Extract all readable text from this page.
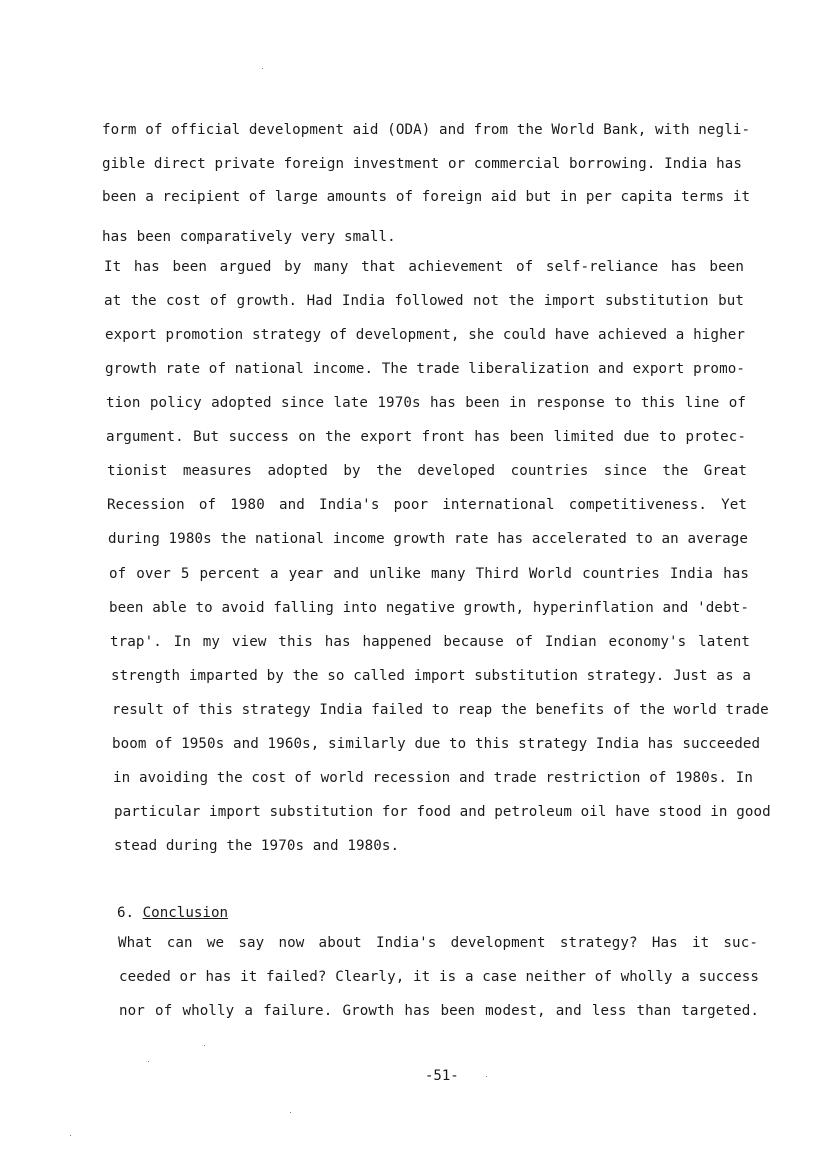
form of official development aid (ODA) and from the World Bank, with negli-
gible direct private foreign investment or commercial borrowing. India has
been a recipient of large amounts of foreign aid but in per capita terms it
has been comparatively very small.
It has been argued by many that achievement of self-reliance has been
at the cost of growth. Had India followed not the import substitution but
export promotion strategy of development, she could have achieved a higher
growth rate of national income. The trade liberalization and export promo-
tion policy adopted since late 1970s has been in response to this line of
argument. But success on the export front has been limited due to protec-
tionist measures adopted by the developed countries since the Great
Recession of 1980 and India's poor international competitiveness. Yet
during 1980s the national income growth rate has accelerated to an average
of over 5 percent a year and unlike many Third World countries India has
been able to avoid falling into negative growth, hyperinflation and 'debt-
trap'. In my view this has happened because of Indian economy's latent
strength imparted by the so called import substitution strategy. Just as a
result of this strategy India failed to reap the benefits of the world trade
boom of 1950s and 1960s, similarly due to this strategy India has succeeded
in avoiding the cost of world recession and trade restriction of 1980s. In
particular import substitution for food and petroleum oil have stood in good
stead during the 1970s and 1980s.
6. Conclusion
What can we say now about India's development strategy? Has it suc-
ceeded or has it failed? Clearly, it is a case neither of wholly a success
nor of wholly a failure. Growth has been modest, and less than targeted.
-51-
